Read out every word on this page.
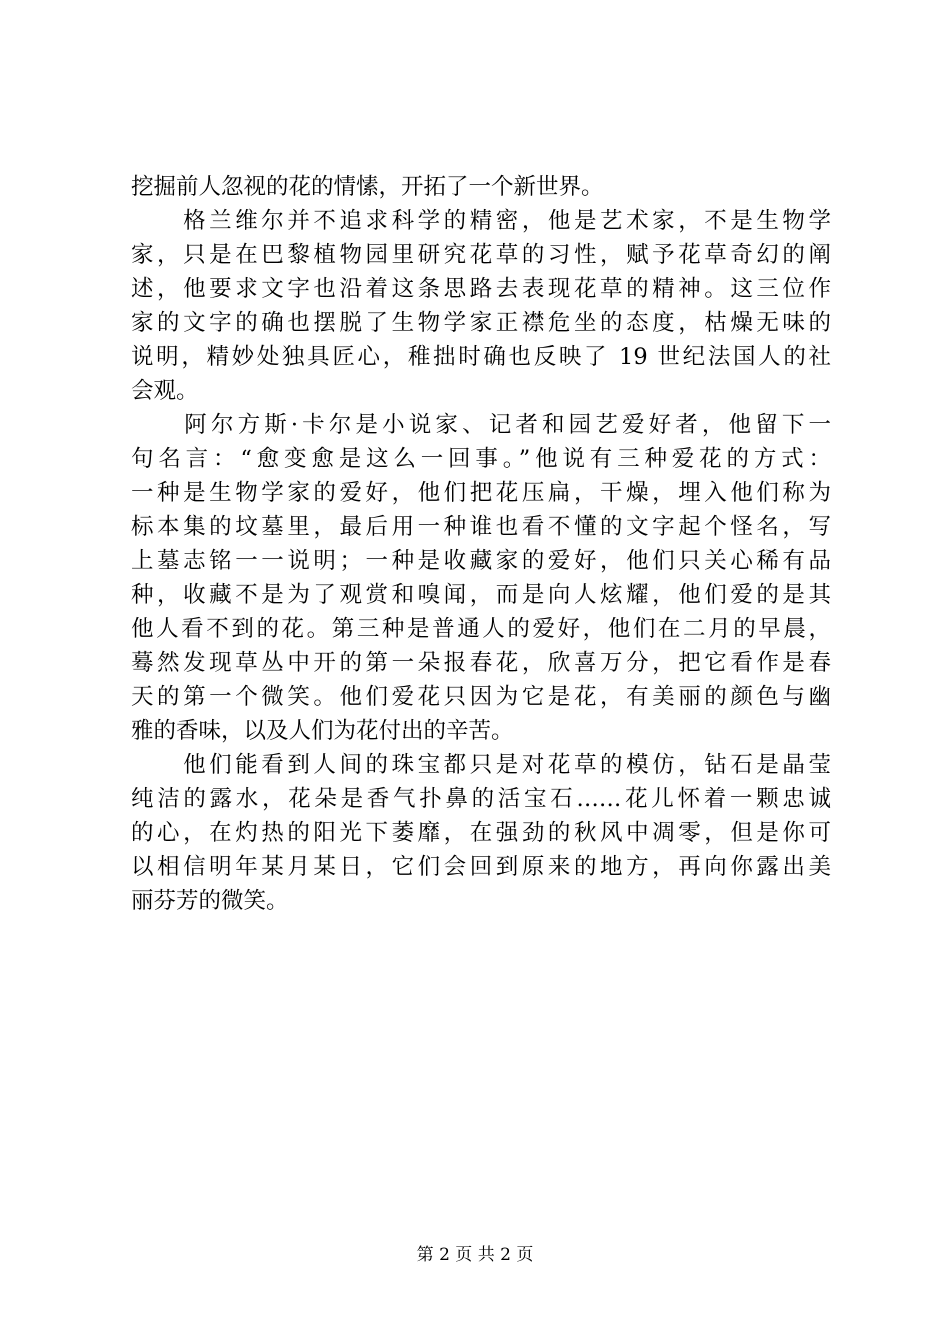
挖掘前人忽视的花的情愫，开拓了一个新世界。
　　格兰维尔并不追求科学的精密，他是艺术家，不是生物学
家，只是在巴黎植物园里研究花草的习性，赋予花草奇幻的阐
述，他要求文字也沿着这条思路去表现花草的精神。这三位作
家的文字的确也摆脱了生物学家正襟危坐的态度，枯燥无味的
说明，精妙处独具匠心，稚拙时确也反映了 19 世纪法国人的社
会观。
　　阿尔方斯·卡尔是小说家、记者和园艺爱好者，他留下一
句名言：“愈变愈是这么一回事。”他说有三种爱花的方式：
一种是生物学家的爱好，他们把花压扁，干燥，埋入他们称为
标本集的坟墓里，最后用一种谁也看不懂的文字起个怪名，写
上墓志铭一一说明；一种是收藏家的爱好，他们只关心稀有品
种，收藏不是为了观赏和嗅闻，而是向人炫耀，他们爱的是其
他人看不到的花。第三种是普通人的爱好，他们在二月的早晨，
蓦然发现草丛中开的第一朵报春花，欣喜万分，把它看作是春
天的第一个微笑。他们爱花只因为它是花，有美丽的颜色与幽
雅的香味，以及人们为花付出的辛苦。
　　他们能看到人间的珠宝都只是对花草的模仿，钻石是晶莹
纯洁的露水，花朵是香气扑鼻的活宝石……花儿怀着一颗忠诚
的心，在灼热的阳光下萎靡，在强劲的秋风中凋零，但是你可
以相信明年某月某日，它们会回到原来的地方，再向你露出美
丽芬芳的微笑。
第 2 页 共 2 页
